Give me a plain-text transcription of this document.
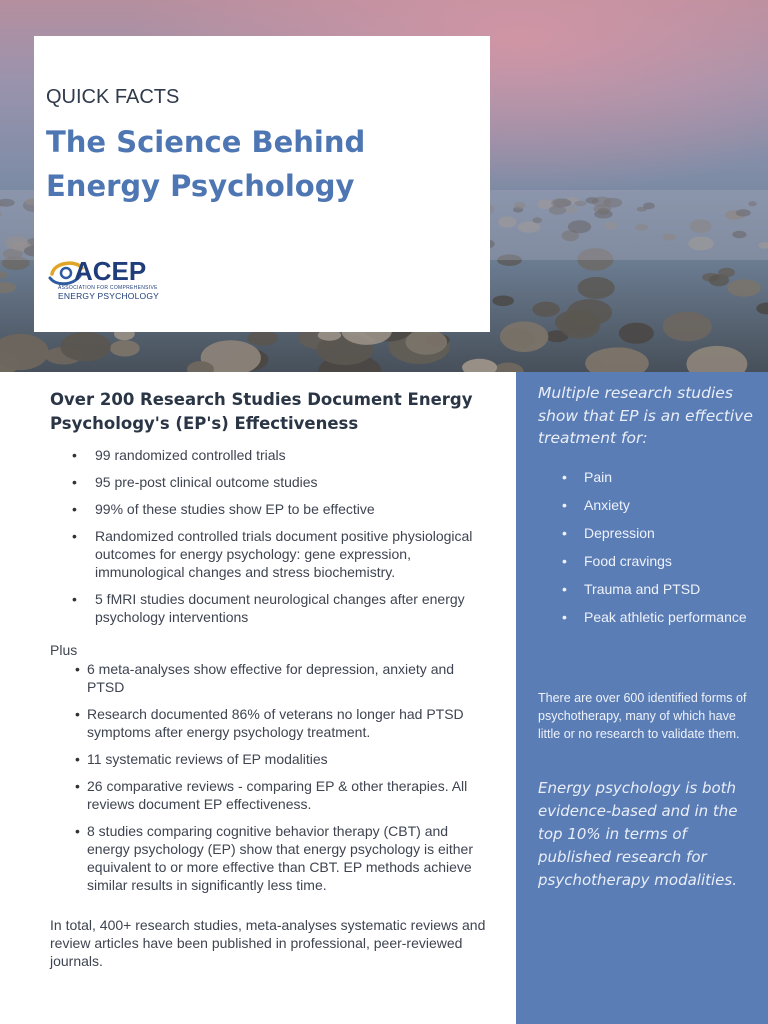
QUICK FACTS
The Science Behind Energy Psychology

ACEP

ASSOCIATION FOR COMPREHENSIVE

ENERGY PSYCHOLOGY

Over 200 Research Studies Document Energy Psychology's (EP's) Effectiveness
• 99 randomized controlled trials
• 95 pre-post clinical outcome studies
• 99% of these studies show EP to be effective
• Randomized controlled trials document positive physiological outcomes for energy psychology: gene expression, immunological changes and stress biochemistry.
• 5 fMRI studies document neurological changes after energy psychology interventions

Plus

• 6 meta-analyses show effective for depression, anxiety and PTSD
• Research documented 86% of veterans no longer had PTSD symptoms after energy psychology treatment.
• 11 systematic reviews of EP modalities
• 26 comparative reviews - comparing EP & other therapies. All reviews document EP effectiveness.
• 8 studies comparing cognitive behavior therapy (CBT) and energy psychology (EP) show that energy psychology is either equivalent to or more effective than CBT. EP methods achieve similar results in significantly less time.

In total, 400+ research studies, meta-analyses systematic reviews and review articles have been published in professional, peer-reviewed journals.

Multiple research studies show that EP is an effective treatment for:

• Pain
• Anxiety
• Depression
• Food cravings
• Trauma and PTSD
• Peak athletic performance

There are over 600 identified forms of psychotherapy, many of which have little or no research to validate them.

Energy psychology is both evidence-based and in the top 10% in terms of published research for psychotherapy modalities.
